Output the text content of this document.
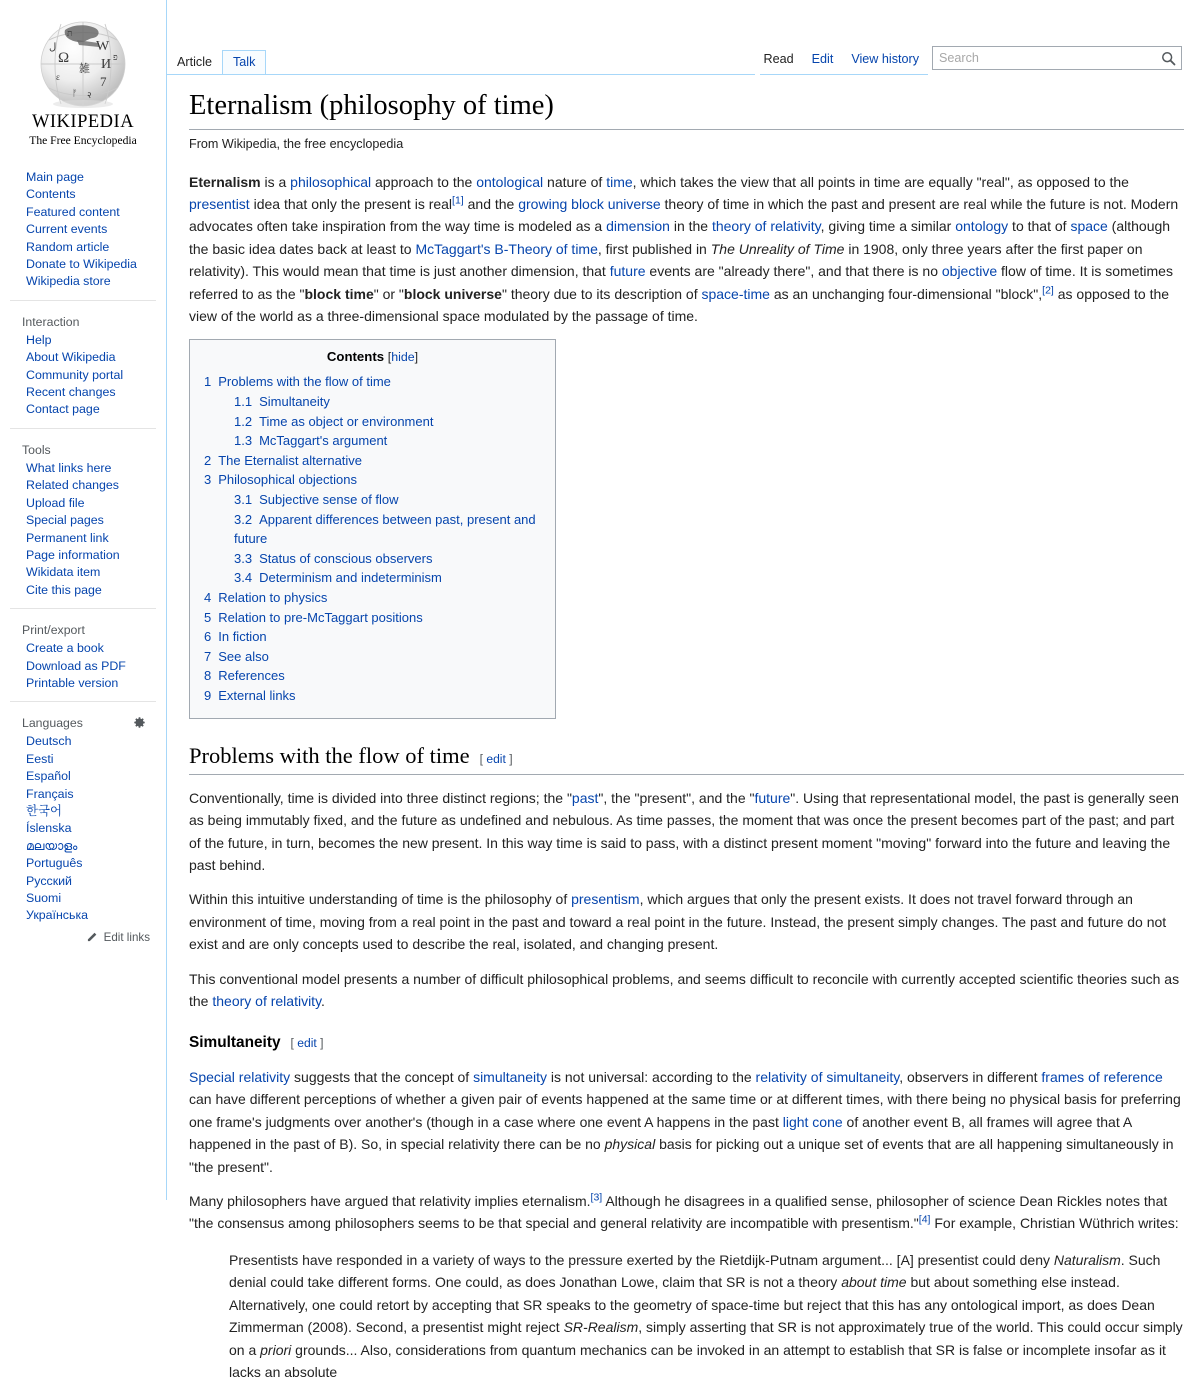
Ω
W
И
雑
7
ل
ת
פ
ε
ᚠ २
WIKIPEDIA
The Free Encyclopedia
Main page
Contents
Featured content
Current events
Random article
Donate to Wikipedia
Wikipedia store
Interaction
Help
About Wikipedia
Community portal
Recent changes
Contact page
Tools
What links here
Related changes
Upload file
Special pages
Permanent link
Page information
Wikidata item
Cite this page
Print/export
Create a book
Download as PDF
Printable version
Languages
Deutsch
Eesti
Español
Français
한국어
Íslenska
മലയാളം
Português
Русский
Suomi
Українська
Edit links
Article	Talk	Read	Edit	View history
Search
Eternalism (philosophy of time)

From Wikipedia, the free encyclopedia

Eternalism is a philosophical approach to the ontological nature of time, which takes the view that all points in time are equally "real", as opposed to the presentist idea that only the present is real[1] and the growing block universe theory of time in which the past and present are real while the future is not. Modern advocates often take inspiration from the way time is modeled as a dimension in the theory of relativity, giving time a similar ontology to that of space (although the basic idea dates back at least to McTaggart's B-Theory of time, first published in The Unreality of Time in 1908, only three years after the first paper on relativity). This would mean that time is just another dimension, that future events are "already there", and that there is no objective flow of time. It is sometimes referred to as the "block time" or "block universe" theory due to its description of space-time as an unchanging four-dimensional "block",[2] as opposed to the view of the world as a three-dimensional space modulated by the passage of time.

Contents [hide]
1 Problems with the flow of time
1.1 Simultaneity
1.2 Time as object or environment
1.3 McTaggart's argument
2 The Eternalist alternative
3 Philosophical objections
3.1 Subjective sense of flow
3.2 Apparent differences between past, present and future
3.3 Status of conscious observers
3.4 Determinism and indeterminism
4 Relation to physics
5 Relation to pre-McTaggart positions
6 In fiction
7 See also
8 References
9 External links
Problems with the flow of time [ edit ]

Conventionally, time is divided into three distinct regions; the "past", the "present", and the "future". Using that representational model, the past is generally seen as being immutably fixed, and the future as undefined and nebulous. As time passes, the moment that was once the present becomes part of the past; and part of the future, in turn, becomes the new present. In this way time is said to pass, with a distinct present moment "moving" forward into the future and leaving the past behind.

Within this intuitive understanding of time is the philosophy of presentism, which argues that only the present exists. It does not travel forward through an environment of time, moving from a real point in the past and toward a real point in the future. Instead, the present simply changes. The past and future do not exist and are only concepts used to describe the real, isolated, and changing present.

This conventional model presents a number of difficult philosophical problems, and seems difficult to reconcile with currently accepted scientific theories such as the theory of relativity.

Simultaneity [ edit ]

Special relativity suggests that the concept of simultaneity is not universal: according to the relativity of simultaneity, observers in different frames of reference can have different perceptions of whether a given pair of events happened at the same time or at different times, with there being no physical basis for preferring one frame's judgments over another's (though in a case where one event A happens in the past light cone of another event B, all frames will agree that A happened in the past of B). So, in special relativity there can be no physical basis for picking out a unique set of events that are all happening simultaneously in "the present".

Many philosophers have argued that relativity implies eternalism.[3] Although he disagrees in a qualified sense, philosopher of science Dean Rickles notes that "the consensus among philosophers seems to be that special and general relativity are incompatible with presentism."[4] For example, Christian Wüthrich writes:

Presentists have responded in a variety of ways to the pressure exerted by the Rietdijk-Putnam argument... [A] presentist could deny Naturalism. Such denial could take different forms. One could, as does Jonathan Lowe, claim that SR is not a theory about time but about something else instead. Alternatively, one could retort by accepting that SR speaks to the geometry of space-time but reject that this has any ontological import, as does Dean Zimmerman (2008). Second, a presentist might reject SR-Realism, simply asserting that SR is not approximately true of the world. This could occur simply on a priori grounds... Also, considerations from quantum mechanics can be invoked in an attempt to establish that SR is false or incomplete insofar as it lacks an absolute
